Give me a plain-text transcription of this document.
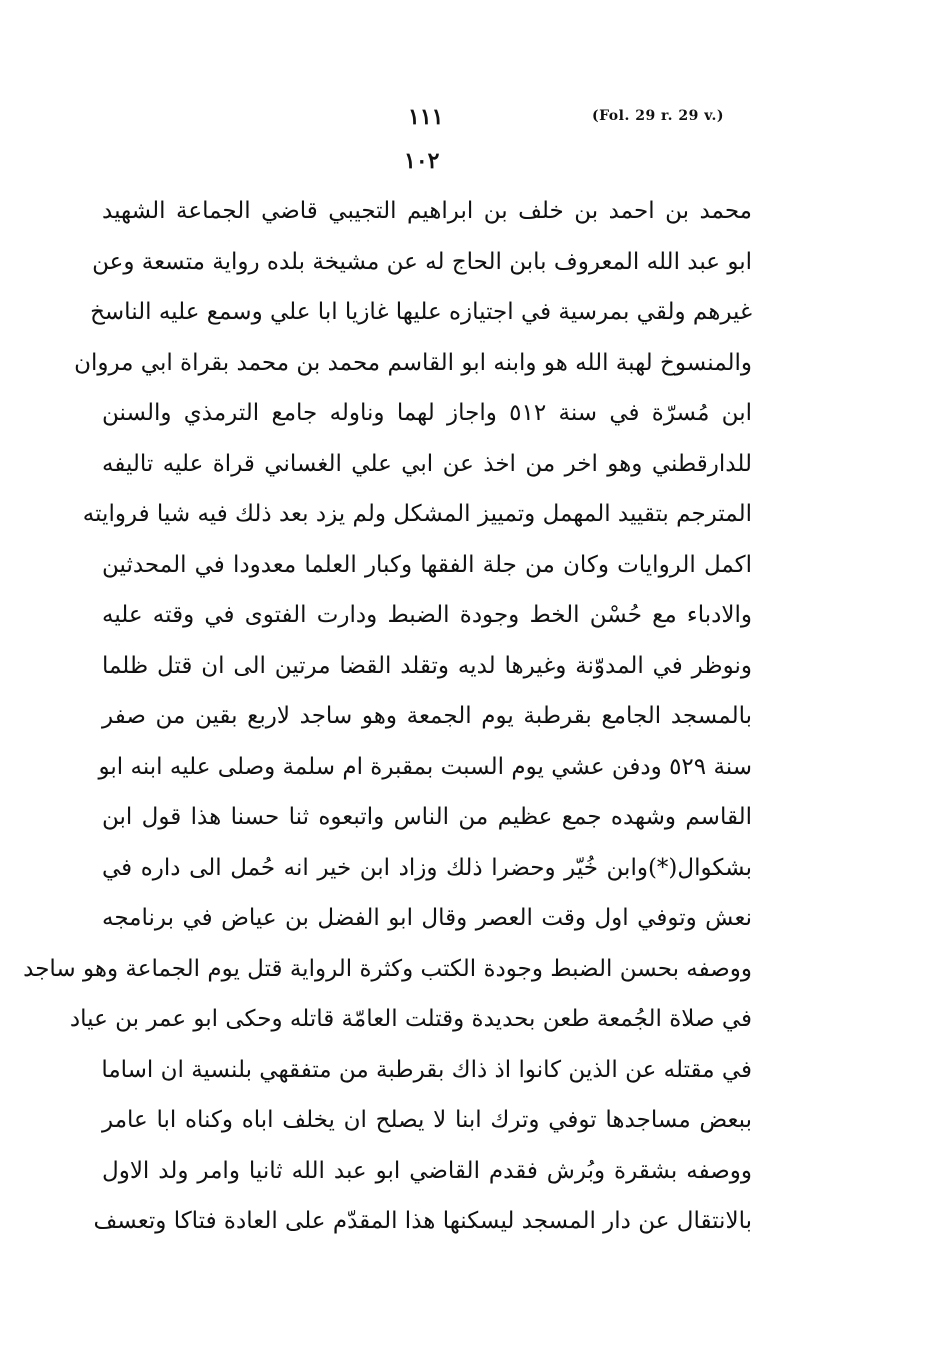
١١١	(Fol. 29 r. 29 v.)
١٠٢
محمد بن احمد بن خلف بن ابراهيم التجيبي قاضي الجماعة الشهيد
ابو عبد الله المعروف بابن الحاج له عن مشيخة بلده رواية متسعة وعن
غيرهم ولقي بمرسية في اجتيازه عليها غازيا ابا علي وسمع عليه الناسخ
والمنسوخ لهبة الله هو وابنه ابو القاسم محمد بن محمد بقراة ابي مروان
ابن مُسرّة في سنة ٥١٢ واجاز لهما وناوله جامع الترمذي والسنن
للدارقطني وهو اخر من اخذ عن ابي علي الغساني قراة عليه تاليفه
المترجم بتقييد المهمل وتمييز المشكل ولم يزد بعد ذلك فيه شيا فروايته
اكمل الروايات وكان من جلة الفقها وكبار العلما معدودا في المحدثين
والادباء مع حُسْن الخط وجودة الضبط ودارت الفتوى في وقته عليه
ونوظر في المدوّنة وغيرها لديه وتقلد القضا مرتين الى ان قتل ظلما
بالمسجد الجامع بقرطبة يوم الجمعة وهو ساجد لاربع بقين من صفر
سنة ٥٢٩ ودفن عشي يوم السبت بمقبرة ام سلمة وصلى عليه ابنه ابو
القاسم وشهده جمع عظيم من الناس واتبعوه ثنا حسنا هذا قول ابن
بشكوال(*)وابن خُيّر وحضرا ذلك وزاد ابن خير انه حُمل الى داره في
نعش وتوفي اول وقت العصر وقال ابو الفضل بن عياض في برنامجه
ووصفه بحسن الضبط وجودة الكتب وكثرة الرواية قتل يوم الجماعة وهو ساجد
في صلاة الجُمعة طعن بحديدة وقتلت العامّة قاتله وحكى ابو عمر بن عياد
في مقتله عن الذين كانوا اذ ذاك بقرطبة من متفقهي بلنسية ان اساما
ببعض مساجدها توفي وترك ابنا لا يصلح ان يخلف اباه وكناه ابا عامر
ووصفه بشقرة وبُرش فقدم القاضي ابو عبد الله ثانيا وامر ولد الاول
بالانتقال عن دار المسجد ليسكنها هذا المقدّم على العادة فتاكا وتعسف
